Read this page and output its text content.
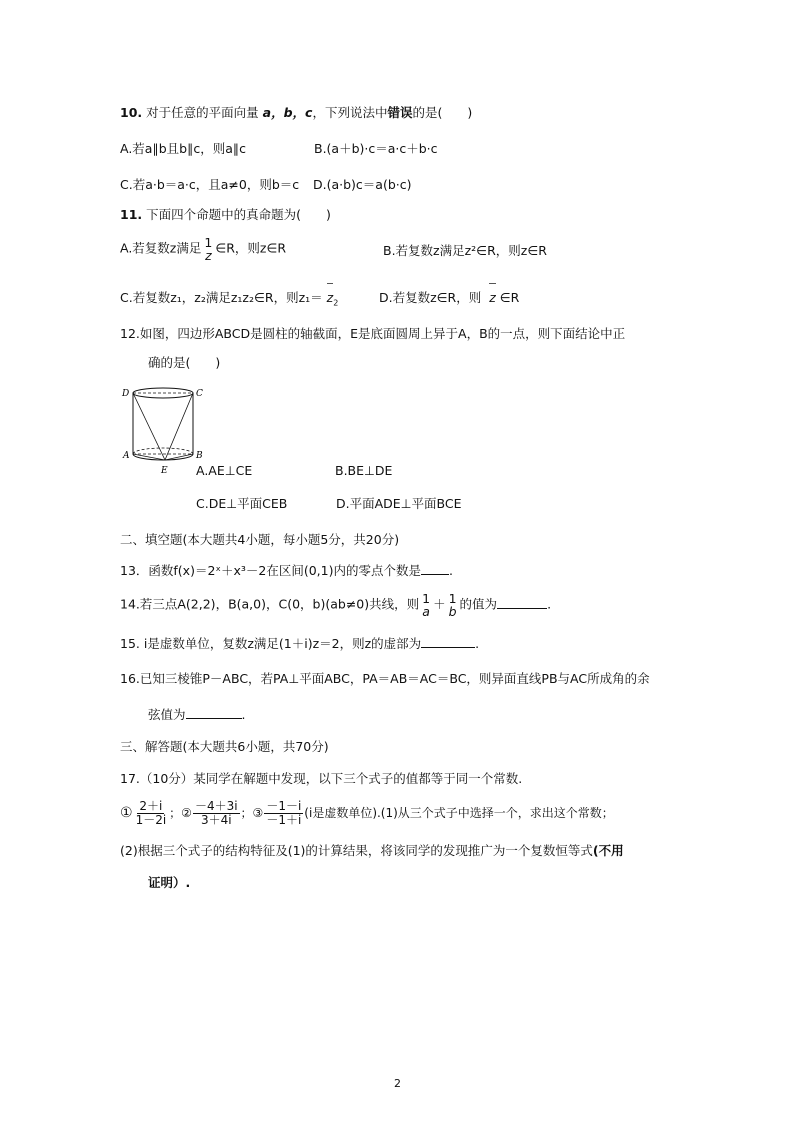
10. 对于任意的平面向量 a，b，c，下列说法中错误的是(　　)
A.若a∥b且b∥c，则a∥c	B.(a＋b)·c＝a·c＋b·c
C.若a·b＝a·c，且a≠0，则b＝c D.(a·b)c＝a(b·c)
11. 下面四个命题中的真命题为(　　)
A.若复数z满足 1
z ∈R，则z∈R	B.若复数z满足z²∈R，则z∈R
C.若复数z₁，z₂满足z₁z₂∈R，则$z_1= z_2$	D.若复数z∈R，则 z ∈R
12.如图，四边形ABCD是圆柱的轴截面，E是底面圆周上异于A，B的一点，则下面结论中正
确的是(　　)
D	C
A	B
E A.AE⊥CE	B.BE⊥DE
C.DE⊥平面CEB	D.平面ADE⊥平面BCE
二、填空题(本大题共4小题，每小题5分，共20分)
13．函数f(x)＝2ˣ＋x³－2在区间(0,1)内的零点个数是 .
14.若三点A(2,2)，B(a,0)，C(0，b)(ab≠0)共线，则 1
a ＋ 1
b 的值为	.
15. i是虚数单位，复数z满足(1＋i)z＝2，则z的虚部为	.
16.已知三棱锥P－ABC，若PA⊥平面ABC，PA＝AB＝AC＝BC，则异面直线PB与AC所成角的余
弦值为	.
三、解答题(本大题共6小题，共70分)
17.（10分）某同学在解题中发现，以下三个式子的值都等于同一个常数.
① $\frac{2+i}{1-2i}$ ；② $\frac{-4+3i}{3+4i}$ ；③ $\frac{-1-i}{-1+i} (i$是虚数单位).(1)从三个式子中选择一个，求出这个常数；
(2)根据三个式子的结构特征及(1)的计算结果，将该同学的发现推广为一个复数恒等式(不用
证明）.
2
